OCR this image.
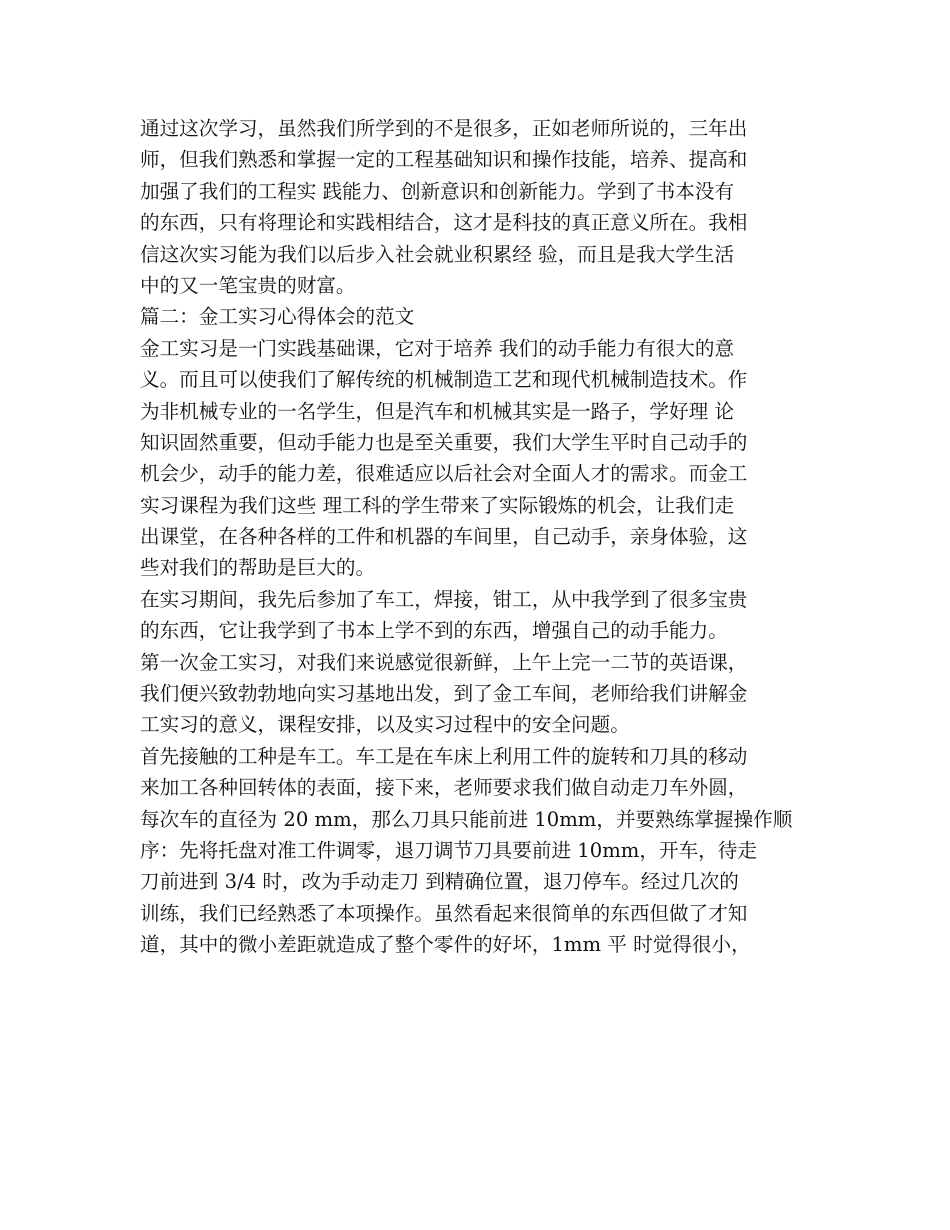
通过这次学习，虽然我们所学到的不是很多，正如老师所说的，三年出
师，但我们熟悉和掌握一定的工程基础知识和操作技能，培养、提高和
加强了我们的工程实 践能力、创新意识和创新能力。学到了书本没有
的东西，只有将理论和实践相结合，这才是科技的真正意义所在。我相
信这次实习能为我们以后步入社会就业积累经 验，而且是我大学生活
中的又一笔宝贵的财富。
篇二：金工实习心得体会的范文
金工实习是一门实践基础课，它对于培养 我们的动手能力有很大的意
义。而且可以使我们了解传统的机械制造工艺和现代机械制造技术。作
为非机械专业的一名学生，但是汽车和机械其实是一路子，学好理 论
知识固然重要，但动手能力也是至关重要，我们大学生平时自己动手的
机会少，动手的能力差，很难适应以后社会对全面人才的需求。而金工
实习课程为我们这些 理工科的学生带来了实际锻炼的机会，让我们走
出课堂，在各种各样的工件和机器的车间里，自己动手，亲身体验，这
些对我们的帮助是巨大的。
在实习期间，我先后参加了车工，焊接，钳工，从中我学到了很多宝贵
的东西，它让我学到了书本上学不到的东西，增强自己的动手能力。
第一次金工实习，对我们来说感觉很新鲜，上午上完一二节的英语课，
我们便兴致勃勃地向实习基地出发，到了金工车间，老师给我们讲解金
工实习的意义，课程安排，以及实习过程中的安全问题。
首先接触的工种是车工。车工是在车床上利用工件的旋转和刀具的移动
来加工各种回转体的表面，接下来，老师要求我们做自动走刀车外圆，
每次车的直径为 20 mm，那么刀具只能前进 10mm，并要熟练掌握操作顺
序：先将托盘对准工件调零，退刀调节刀具要前进 10mm，开车，待走
刀前进到 3/4 时，改为手动走刀 到精确位置，退刀停车。经过几次的
训练，我们已经熟悉了本项操作。虽然看起来很简单的东西但做了才知
道，其中的微小差距就造成了整个零件的好坏，1mm 平 时觉得很小，
